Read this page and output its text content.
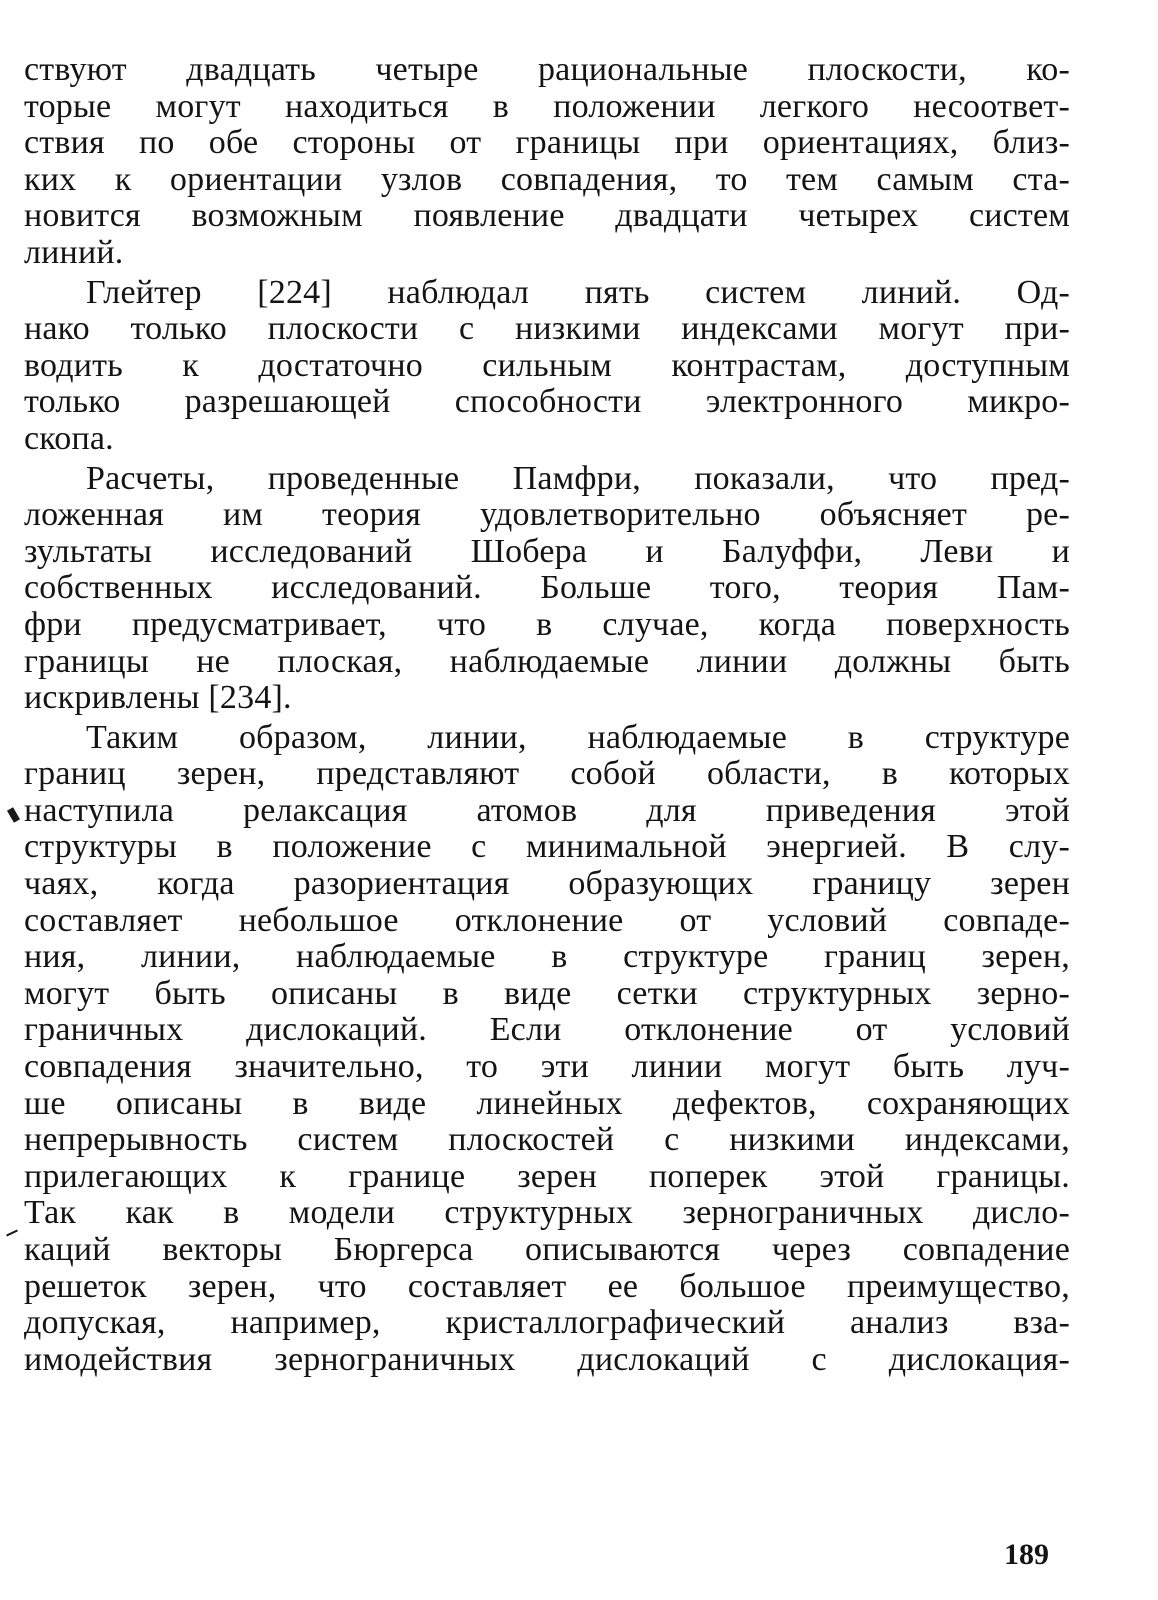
ствуют двадцать четыре рациональные плоскости, ко-
торые могут находиться в положении легкого несоответ-
ствия по обе стороны от границы при ориентациях, близ-
ких к ориентации узлов совпадения, то тем самым ста-
новится возможным появление двадцати четырех систем
линий.
Глейтер [224] наблюдал пять систем линий. Од-
нако только плоскости с низкими индексами могут при-
водить к достаточно сильным контрастам, доступным
только разрешающей способности электронного микро-
скопа.
Расчеты, проведенные Памфри, показали, что пред-
ложенная им теория удовлетворительно объясняет ре-
зультаты исследований Шобера и Балуффи, Леви и
собственных исследований. Больше того, теория Пам-
фри предусматривает, что в случае, когда поверхность
границы не плоская, наблюдаемые линии должны быть
искривлены [234].
Таким образом, линии, наблюдаемые в структуре
границ зерен, представляют собой области, в которых
наступила релаксация атомов для приведения этой
структуры в положение с минимальной энергией. В слу-
чаях, когда разориентация образующих границу зерен
составляет небольшое отклонение от условий совпаде-
ния, линии, наблюдаемые в структуре границ зерен,
могут быть описаны в виде сетки структурных зерно-
граничных дислокаций. Если отклонение от условий
совпадения значительно, то эти линии могут быть луч-
ше описаны в виде линейных дефектов, сохраняющих
непрерывность систем плоскостей с низкими индексами,
прилегающих к границе зерен поперек этой границы.
Так как в модели структурных зернограничных дисло-
каций векторы Бюргерса описываются через совпадение
решеток зерен, что составляет ее большое преимущество,
допуская, например, кристаллографический анализ вза-
имодействия зернограничных дислокаций с дислокация-
189
